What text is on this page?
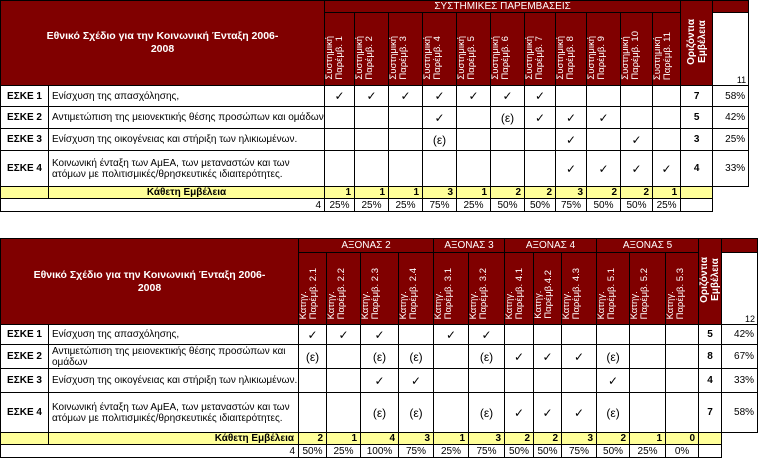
Εθνικό Σχέδιο για την Κοινωνική Ένταξη 2006-2008		ΣΥΣΤΗΜΙΚΕΣ ΠΑΡΕΜΒΑΣΕΙΣ											Οριζόντια
Εμβέλεια	
		Συστημική
Παρέμβ. 1	Συστημική
Παρέμβ. 2	Συστημική
Παρέμβ. 3	Συστημική
Παρέμβ. 4	Συστημική
Παρέμβ. 5	Συστημική
Παρέμβ. 6	Συστημική
Παρέμβ. 7	Συστημική
Παρέμβ. 8	Συστημική
Παρέμβ. 9	Συστημική
Παρέμβ. 10	Συστημική
Παρέμβ. 11		11
ΕΣΚΕ 1	Ενίσχυση της απασχόλησης,	✓	✓	✓	✓	✓	✓	✓					7	58%
ΕΣΚΕ 2	Αντιμετώπιση της μειονεκτικής θέσης προσώπων και ομάδων				✓		(ε)	✓	✓	✓			5	42%
ΕΣΚΕ 3	Ενίσχυση της οικογένειας και στήριξη των ηλικιωμένων.				(ε)				✓		✓		3	25%
ΕΣΚΕ 4	Κοινωνική ένταξη των ΑμΕΑ, των μεταναστών και των ατόμων με πολιτισμικές/θρησκευτικές ιδιαιτερότητες.								✓	✓	✓	✓	4	33%
	Κάθετη Εμβέλεια	1	1	1	3	1	2	2	3	2	2	1		
4		25%	25%	25%	75%	25%	50%	50%	75%	50%	50%	25%		
Εθνικό Σχέδιο για την Κοινωνική Ένταξη 2006-2008		ΑΞΟΝΑΣ 2				ΑΞΟΝΑΣ 3		ΑΞΟΝΑΣ 4			ΑΞΟΝΑΣ 5			Οριζόντια
Εμβέλεια	
		Κατηγ.
Παρέμβ. 2.1	Κατηγ.
Παρέμβ. 2.2	Κατηγ.
Παρέμβ. 2.3	Κατηγ.
Παρέμβ. 2.4	Κατηγ.
Παρέμβ. 3.1	Κατηγ.
Παρέμβ. 3.2	Κατηγ.
Παρέμβ. 4.1	Κατηγ.
Παρέμβ.4.2	Κατηγ.
Παρέμβ. 4.3	Κατηγ.
Παρέμβ. 5.1	Κατηγ.
Παρέμβ. 5.2	Κατηγ.
Παρέμβ. 5.3		12
ΕΣΚΕ 1	Ενίσχυση της απασχόλησης,	✓	✓	✓		✓	✓							5	42%
ΕΣΚΕ 2	Αντιμετώπιση της μειονεκτικής θέσης προσώπων και ομάδων	(ε)		(ε)	(ε)		(ε)	✓	✓	✓	(ε)			8	67%
ΕΣΚΕ 3	Ενίσχυση της οικογένειας και στήριξη των ηλικιωμένων.			✓	✓						✓			4	33%
ΕΣΚΕ 4	Κοινωνική ένταξη των ΑμΕΑ, των μεταναστών και των ατόμων με πολιτισμικές/θρησκευτικές ιδιαιτερότητες.			(ε)	(ε)		(ε)	✓	✓	✓	(ε)			7	58%
	Κάθετη Εμβέλεια	2	1	4	3	1	3	2	2	3	2	1	0		
4		50%	25%	100%	75%	25%	75%	50%	50%	75%	50%	25%	0%		
